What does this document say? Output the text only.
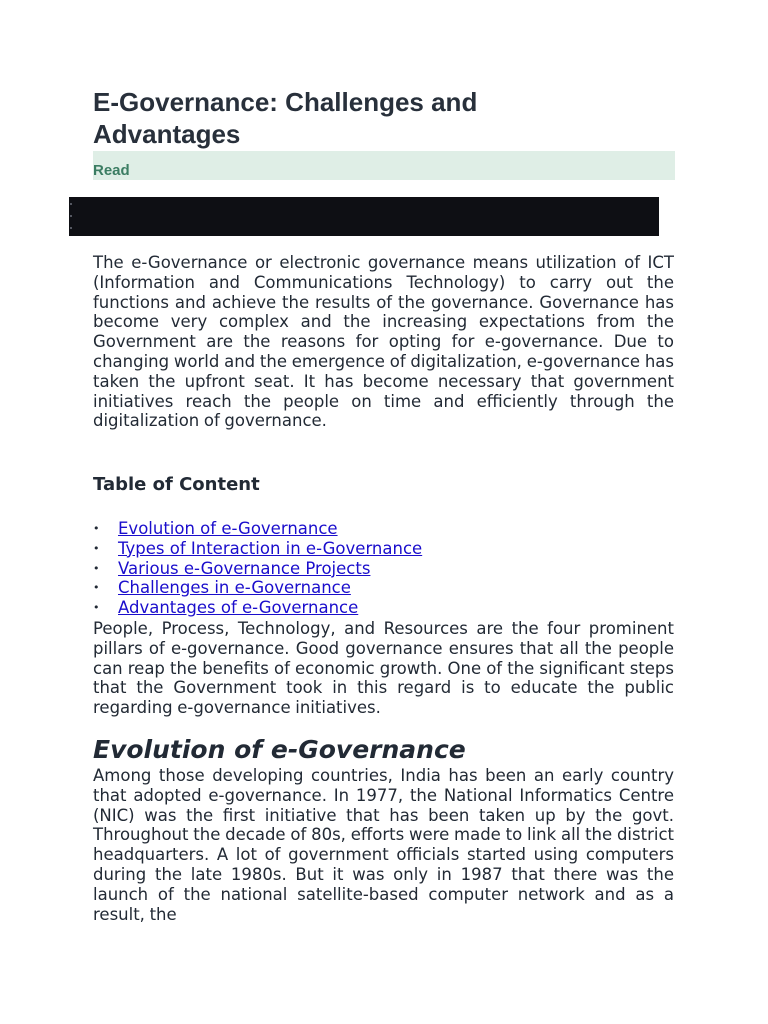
E-Governance: Challenges and Advantages
Read

The e-Governance or electronic governance means utilization of ICT (Information and Communications Technology) to carry out the functions and achieve the results of the governance. Governance has become very complex and the increasing expectations from the Government are the reasons for opting for e-governance. Due to changing world and the emergence of digitalization, e-governance has taken the upfront seat. It has become necessary that government initiatives reach the people on time and efficiently through the digitalization of governance.

Table of Content
• Evolution of e-Governance
• Types of Interaction in e-Governance
• Various e-Governance Projects
• Challenges in e-Governance
• Advantages of e-Governance

People, Process, Technology, and Resources are the four prominent pillars of e-governance. Good governance ensures that all the people can reap the benefits of economic growth. One of the significant steps that the Government took in this regard is to educate the public regarding e-governance initiatives.

Evolution of e-Governance

Among those developing countries, India has been an early country that adopted e-governance. In 1977, the National Informatics Centre (NIC) was the first initiative that has been taken up by the govt. Throughout the decade of 80s, efforts were made to link all the district headquarters. A lot of government officials started using computers during the late 1980s. But it was only in 1987 that there was the launch of the national satellite-based computer network and as a result, the
